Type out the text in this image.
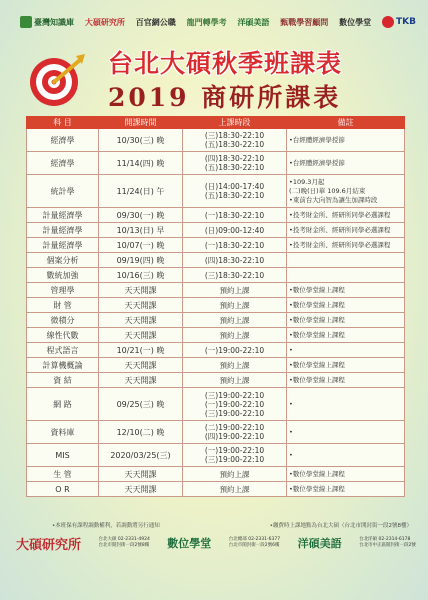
臺灣知識庫 大碩研究所 百官網公職 龍門轉學考 洋碩美語 甄戰學習顧問 數位學堂	TKB
台北大碩秋季班課表
2019 商研所課表
科 目	開課時間	上課時段	備註
經濟學	10/30(三) 晚	(三)18:30-22:10
(五)18:30-22:10	•台經體經濟學授節

經濟學	11/14(四) 晚	(四)18:30-22:10
(五)18:30-22:10	•台經體經濟學授節

統計學	11/24(日) 午	(日)14:00-17:40
(五)18:30-22:10	•109.3月起
(二)晚(日)華 109.6月結束
•東前台大向智為讓生加課時段

計量經濟學	09/30(一) 晚	(一)18:30-22:10	•投考財金所、經研所同學必選課程

計量經濟學	10/13(日) 早	(日)09:00-12:40	•投考財金所、經研所同學必選課程

計量經濟學	10/07(一) 晚	(一)18:30-22:10	•投考財金所、經研所同學必選課程

個案分析	09/19(四) 晚	(四)18:30-22:10	

數統加強	10/16(三) 晚	(三)18:30-22:10	

管理學	天天開課	預約上課	•數位學堂線上課程

財 管	天天開課	預約上課	•數位學堂線上課程

微積分	天天開課	預約上課	•數位學堂線上課程

線性代數	天天開課	預約上課	•數位學堂線上課程

程式語言	10/21(一) 晚	(一)19:00-22:10	•

計算機概論	天天開課	預約上課	•數位學堂線上課程

資 結	天天開課	預約上課	•數位學堂線上課程

網 路	09/25(三) 晚	(三)19:00-22:10
(一)19:00-22:10
(三)19:00-22:10	•

資料庫	12/10(二) 晚	(二)19:00-22:10
(四)19:00-22:10	•

MIS	2020/03/25(三)	(一)19:00-22:10
(三)19:00-22:10	•

生 管	天天開課	預約上課	•數位學堂線上課程

O R	天天開課	預約上課	•數位學堂線上課程
•本班保有課程調動權利，若調動將另行通知	•繳費時上課地點為台北大碩（台北市開封街一段2號8樓）
大碩研究所	台北大碩 02-2331-4924
台北市開封街一段2號8樓 數位學堂	台北總部 02-2331-6377
台北市開封街一段2號6樓 洋碩美語	台北洋碩 02-2314-6178
台北市中正區開封街一段2號
